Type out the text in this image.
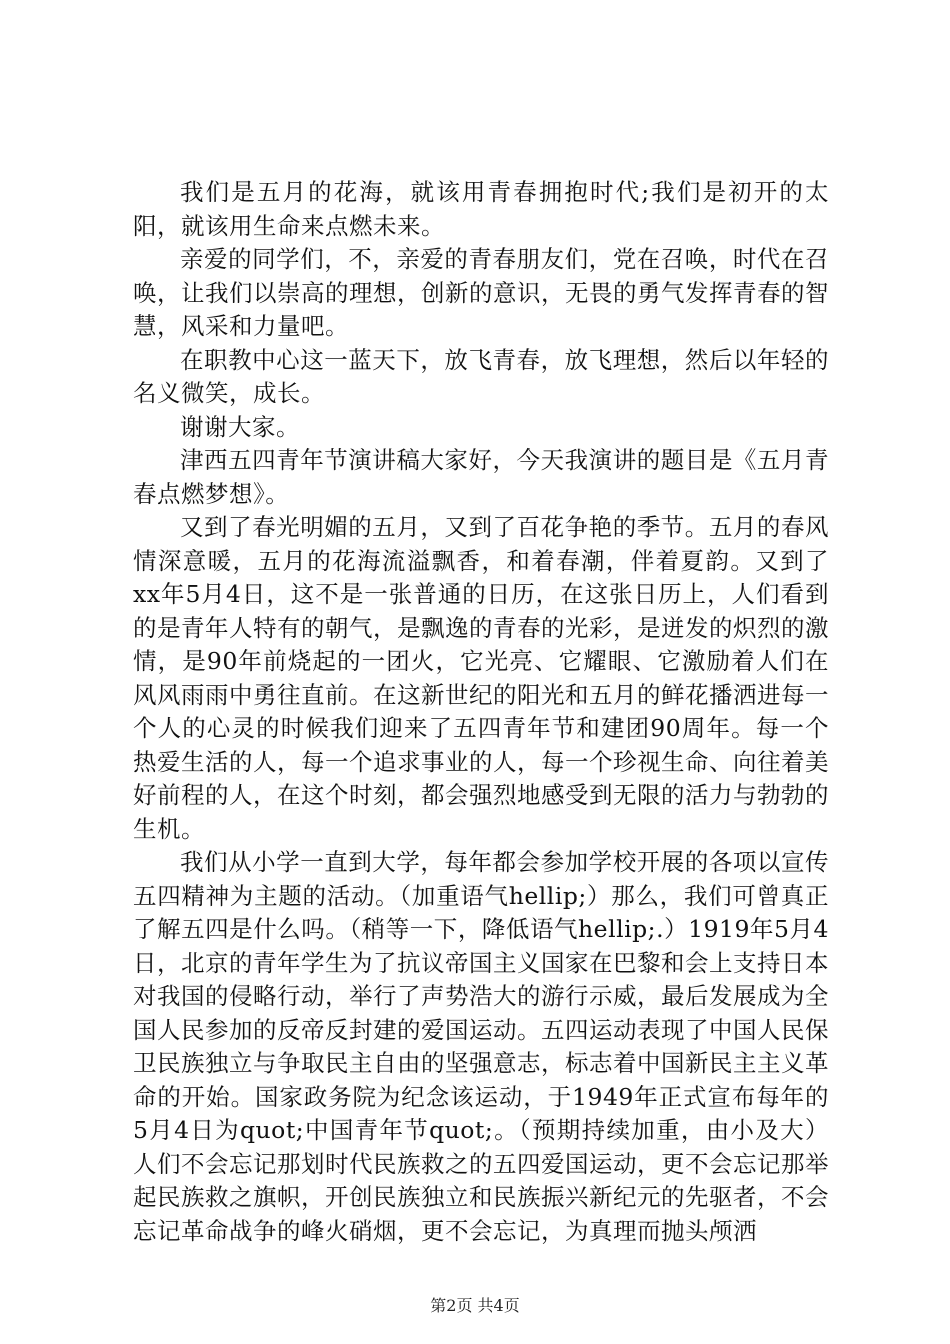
我们是五月的花海，就该用青春拥抱时代;我们是初开的太阳，就该用生命来点燃未来。

亲爱的同学们，不，亲爱的青春朋友们，党在召唤，时代在召唤，让我们以崇高的理想，创新的意识，无畏的勇气发挥青春的智慧，风采和力量吧。

在职教中心这一蓝天下，放飞青春，放飞理想，然后以年轻的名义微笑，成长。

谢谢大家。

津西五四青年节演讲稿大家好，今天我演讲的题目是《五月青春点燃梦想》。

又到了春光明媚的五月，又到了百花争艳的季节。五月的春风情深意暖，五月的花海流溢飘香，和着春潮，伴着夏韵。又到了xx年5月4日，这不是一张普通的日历，在这张日历上，人们看到的是青年人特有的朝气，是飘逸的青春的光彩，是迸发的炽烈的激情，是90年前烧起的一团火，它光亮、它耀眼、它激励着人们在风风雨雨中勇往直前。在这新世纪的阳光和五月的鲜花播洒进每一个人的心灵的时候我们迎来了五四青年节和建团90周年。每一个热爱生活的人，每一个追求事业的人，每一个珍视生命、向往着美好前程的人，在这个时刻，都会强烈地感受到无限的活力与勃勃的生机。

我们从小学一直到大学，每年都会参加学校开展的各项以宣传五四精神为主题的活动。（加重语气hellip;）那么，我们可曾真正了解五四是什么吗。（稍等一下，降低语气hellip;.）1919年5月4日，北京的青年学生为了抗议帝国主义国家在巴黎和会上支持日本对我国的侵略行动，举行了声势浩大的游行示威，最后发展成为全国人民参加的反帝反封建的爱国运动。五四运动表现了中国人民保卫民族独立与争取民主自由的坚强意志，标志着中国新民主主义革命的开始。国家政务院为纪念该运动，于1949年正式宣布每年的5月4日为quot;中国青年节quot;。（预期持续加重，由小及大）人们不会忘记那划时代民族救之的五四爱国运动，更不会忘记那举起民族救之旗帜，开创民族独立和民族振兴新纪元的先驱者，不会忘记革命战争的峰火硝烟，更不会忘记，为真理而抛头颅洒

第2页 共4页
